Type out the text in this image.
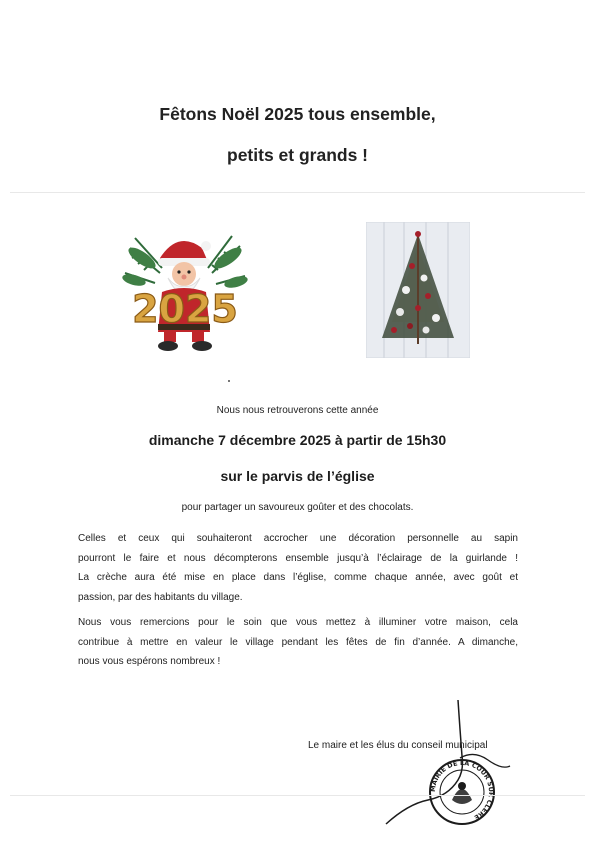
Fêtons Noël 2025 tous ensemble,
petits et grands !
2025
Nous nous retrouverons cette année
dimanche 7 décembre 2025 à partir de 15h30
sur le parvis de l’église
pour partager un savoureux goûter et des chocolats.
Celles et ceux qui souhaiteront accrocher une décoration personnelle au sapin
pourront le faire et nous décompterons ensemble jusqu’à l’éclairage de la guirlande !
La crèche aura été mise en place dans l’église, comme chaque année, avec goût et
passion, par des habitants du village.
Nous vous remercions pour le soin que vous mettez à illuminer votre maison, cela
contribue à mettre en valeur le village pendant les fêtes de fin d’année. A dimanche,
nous vous espérons nombreux !
MAIRIE DE LA COUR SU CLERE
Le maire et les élus du conseil municipal
